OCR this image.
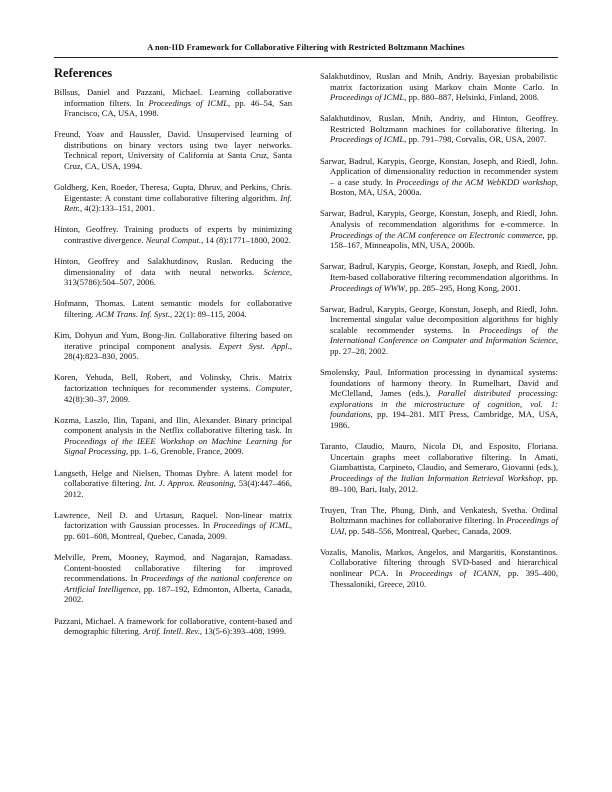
A non-IID Framework for Collaborative Filtering with Restricted Boltzmann Machines
References

Billsus, Daniel and Pazzani, Michael. Learning collaborative information filters. In Proceedings of ICML, pp. 46–54, San Francisco, CA, USA, 1998.

Freund, Yoav and Haussler, David. Unsupervised learning of distributions on binary vectors using two layer networks. Technical report, University of California at Santa Cruz, Santa Cruz, CA, USA, 1994.

Goldberg, Ken, Roeder, Theresa, Gupta, Dhruv, and Perkins, Chris. Eigentaste: A constant time collaborative filtering algorithm. Inf. Retr., 4(2):133–151, 2001.

Hinton, Geoffrey. Training products of experts by minimizing contrastive divergence. Neural Comput., 14 (8):1771–1800, 2002.

Hinton, Geoffrey and Salakhutdinov, Ruslan. Reducing the dimensionality of data with neural networks. Science, 313(5786):504–507, 2006.

Hofmann, Thomas. Latent semantic models for collaborative filtering. ACM Trans. Inf. Syst., 22(1): 89–115, 2004.

Kim, Dohyun and Yum, Bong-Jin. Collaborative filtering based on iterative principal component analysis. Expert Syst. Appl., 28(4):823–830, 2005.

Koren, Yehuda, Bell, Robert, and Volinsky, Chris. Matrix factorization techniques for recommender systems. Computer, 42(8):30–37, 2009.

Kozma, Laszlo, Ilin, Tapani, and Ilin, Alexander. Binary principal component analysis in the Netflix collaborative filtering task. In Proceedings of the IEEE Workshop on Machine Learning for Signal Processing, pp. 1–6, Grenoble, France, 2009.

Langseth, Helge and Nielsen, Thomas Dyhre. A latent model for collaborative filtering. Int. J. Approx. Reasoning, 53(4):447–466, 2012.

Lawrence, Neil D. and Urtasun, Raquel. Non-linear matrix factorization with Gaussian processes. In Proceedings of ICML, pp. 601–608, Montreal, Quebec, Canada, 2009.

Melville, Prem, Mooney, Raymod, and Nagarajan, Ramadass. Content-boosted collaborative filtering for improved recommendations. In Proceedings of the national conference on Artificial Intelligence, pp. 187–192, Edmonton, Alberta, Canada, 2002.

Pazzani, Michael. A framework for collaborative, content-based and demographic filtering. Artif. Intell. Rev., 13(5-6):393–408, 1999.

Salakhutdinov, Ruslan and Mnih, Andriy. Bayesian probabilistic matrix factorization using Markov chain Monte Carlo. In Proceedings of ICML, pp. 880–887, Helsinki, Finland, 2008.

Salakhutdinov, Ruslan, Mnih, Andriy, and Hinton, Geoffrey. Restricted Boltzmann machines for collaborative filtering. In Proceedings of ICML, pp. 791–798, Corvalis, OR, USA, 2007.

Sarwar, Badrul, Karypis, George, Konstan, Joseph, and Riedl, John. Application of dimensionality reduction in recommender system – a case study. In Proceedings of the ACM WebKDD workshop, Boston, MA, USA, 2000a.

Sarwar, Badrul, Karypis, George, Konstan, Joseph, and Riedl, John. Analysis of recommendation algorithms for e-commerce. In Proceedings of the ACM conference on Electronic commerce, pp. 158–167, Minneapolis, MN, USA, 2000b.

Sarwar, Badrul, Karypis, George, Konstan, Joseph, and Riedl, John. Item-based collaborative filtering recommendation algorithms. In Proceedings of WWW, pp. 285–295, Hong Kong, 2001.

Sarwar, Badrul, Karypis, George, Konstan, Joseph, and Riedl, John. Incremental singular value decomposition algorithms for highly scalable recommender systems. In Proceedings of the International Conference on Computer and Information Science, pp. 27–28, 2002.

Smolensky, Paul. Information processing in dynamical systems: foundations of harmony theory. In Rumelhart, David and McClelland, James (eds.), Parallel distributed processing: explorations in the microstructure of cognition, vol. 1: foundations, pp. 194–281. MIT Press, Cambridge, MA, USA, 1986.

Taranto, Claudio, Mauro, Nicola Di, and Esposito, Floriana. Uncertain graphs meet collaborative filtering. In Amati, Giambattista, Carpineto, Claudio, and Semeraro, Giovanni (eds.), Proceedings of the Italian Information Retrieval Workshop, pp. 89–100, Bari, Italy, 2012.

Truyen, Tran The, Phung, Dinh, and Venkatesh, Svetha. Ordinal Boltzmann machines for collaborative filtering. In Proceedings of UAI, pp. 548–556, Montreal, Quebec, Canada, 2009.

Vozalis, Manolis, Markos, Angelos, and Margaritis, Konstantinos. Collaborative filtering through SVD-based and hierarchical nonlinear PCA. In Proceedings of ICANN, pp. 395–400, Thessaloniki, Greece, 2010.
